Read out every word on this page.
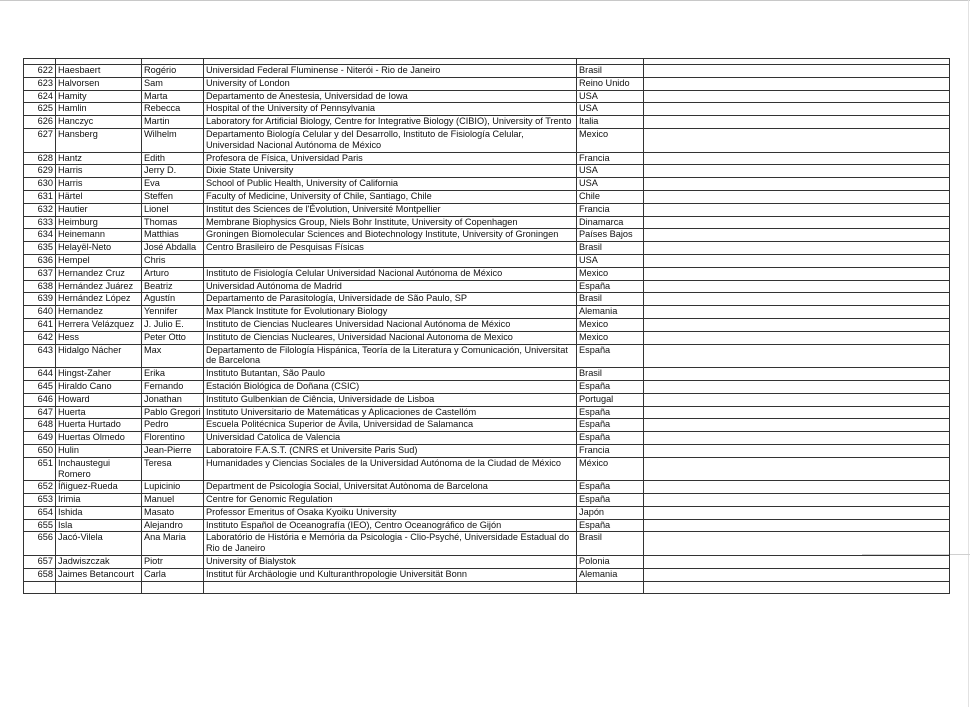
622	Haesbaert	Rogério	Universidad Federal Fluminense - Niterói - Rio de Janeiro	Brasil	
623	Halvorsen	Sam	University of London	Reino Unido	
624	Hamity	Marta	Departamento de Anestesia, Universidad de Iowa	USA	
625	Hamlin	Rebecca	Hospital of the University of Pennsylvania	USA	
626	Hanczyc	Martin	Laboratory for Artificial Biology, Centre for Integrative Biology (CIBIO), University of Trento	Italia	
627	Hansberg	Wilhelm	Departamento Biología Celular y del Desarrollo, Instituto de Fisiología Celular, Universidad Nacional Autónoma de México	Mexico	
628	Hantz	Edith	Profesora de Física, Universidad Paris	Francia	
629	Harris	Jerry D.	Dixie State University	USA	
630	Harris	Eva	School of Public Health, University of California	USA	
631	Härtel	Steffen	Faculty of Medicine, University of Chile, Santiago, Chile	Chile	
632	Hautier	Lionel	Institut des Sciences de l'Évolution, Université Montpellier	Francia	
633	Heimburg	Thomas	Membrane Biophysics Group, Niels Bohr Institute, University of Copenhagen	Dinamarca	
634	Heinemann	Matthias	Groningen Biomolecular Sciences and Biotechnology Institute, University of Groningen	Países Bajos	
635	Helayël-Neto	José Abdalla	Centro Brasileiro de Pesquisas Físicas	Brasil	
636	Hempel	Chris		USA	
637	Hernandez Cruz	Arturo	Instituto de Fisiología Celular Universidad Nacional Autónoma de México	Mexico	
638	Hernández Juárez	Beatriz	Universidad Autónoma de Madrid	España	
639	Hernández López	Agustín	Departamento de Parasitología, Universidade de São Paulo, SP	Brasil	
640	Hernandez	Yennifer	Max Planck Institute for Evolutionary Biology	Alemania	
641	Herrera Velázquez	J. Julio E.	Instituto de Ciencias Nucleares Universidad Nacional Autónoma de México	Mexico	
642	Hess	Peter Otto	Instituto de Ciencias Nucleares, Universidad Nacional Autonoma de Mexico	Mexico	
643	Hidalgo Nácher	Max	Departamento de Filología Hispánica, Teoría de la Literatura y Comunicación, Universitat de Barcelona	España	
644	Hingst-Zaher	Erika	Instituto Butantan, São Paulo	Brasil	
645	Hiraldo Cano	Fernando	Estación Biológica de Doñana (CSIC)	España	
646	Howard	Jonathan	Instituto Gulbenkian de Ciência, Universidade de Lisboa	Portugal	
647	Huerta	Pablo Gregori	Instituto Universitario de Matemáticas y Aplicaciones de Castellóm	España	
648	Huerta Hurtado	Pedro	Escuela Politécnica Superior de Ávila, Universidad de Salamanca	España	
649	Huertas Olmedo	Florentino	Universidad Catolica de Valencia	España	
650	Hulin	Jean-Pierre	Laboratoire F.A.S.T. (CNRS et Universite Paris Sud)	Francia	
651	Inchaustegui Romero	Teresa	Humanidades y Ciencias Sociales de la Universidad Autónoma de la Ciudad de México	México	
652	Íñiguez-Rueda	Lupicinio	Department de Psicologia Social, Universitat Autònoma de Barcelona	España	
653	Irimia	Manuel	Centre for Genomic Regulation	España	
654	Ishida	Masato	Professor Emeritus of Osaka Kyoiku University	Japón	
655	Isla	Alejandro	Instituto Español de Oceanografía (IEO), Centro Oceanográfico de Gijón	España	
656	Jacó-Vilela	Ana Maria	Laboratório de História e Memória da Psicologia - Clio-Psyché, Universidade Estadual do Rio de Janeiro	Brasil	
657	Jadwiszczak	Piotr	University of Bialystok	Polonia	
658	Jaimes Betancourt	Carla	Institut für Archäologie und Kulturanthropologie Universität Bonn	Alemania	
